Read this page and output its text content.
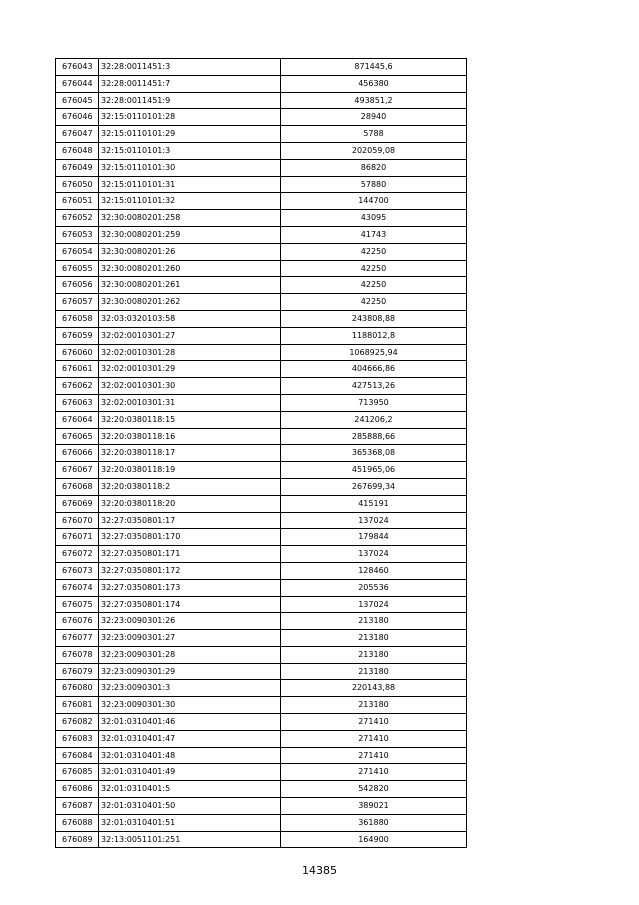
676043	32:28:0011451:3	871445,6
676044	32:28:0011451:7	456380
676045	32:28:0011451:9	493851,2
676046	32:15:0110101:28	28940
676047	32:15:0110101:29	5788
676048	32:15:0110101:3	202059,08
676049	32:15:0110101:30	86820
676050	32:15:0110101:31	57880
676051	32:15:0110101:32	144700
676052	32:30:0080201:258	43095
676053	32:30:0080201:259	41743
676054	32:30:0080201:26	42250
676055	32:30:0080201:260	42250
676056	32:30:0080201:261	42250
676057	32:30:0080201:262	42250
676058	32:03:0320103:58	243808,88
676059	32:02:0010301:27	1188012,8
676060	32:02:0010301:28	1068925,94
676061	32:02:0010301:29	404666,86
676062	32:02:0010301:30	427513,26
676063	32:02:0010301:31	713950
676064	32:20:0380118:15	241206,2
676065	32:20:0380118:16	285888,66
676066	32:20:0380118:17	365368,08
676067	32:20:0380118:19	451965,06
676068	32:20:0380118:2	267699,34
676069	32:20:0380118:20	415191
676070	32:27:0350801:17	137024
676071	32:27:0350801:170	179844
676072	32:27:0350801:171	137024
676073	32:27:0350801:172	128460
676074	32:27:0350801:173	205536
676075	32:27:0350801:174	137024
676076	32:23:0090301:26	213180
676077	32:23:0090301:27	213180
676078	32:23:0090301:28	213180
676079	32:23:0090301:29	213180
676080	32:23:0090301:3	220143,88
676081	32:23:0090301:30	213180
676082	32:01:0310401:46	271410
676083	32:01:0310401:47	271410
676084	32:01:0310401:48	271410
676085	32:01:0310401:49	271410
676086	32:01:0310401:5	542820
676087	32:01:0310401:50	389021
676088	32:01:0310401:51	361880
676089	32:13:0051101:251	164900
14385
